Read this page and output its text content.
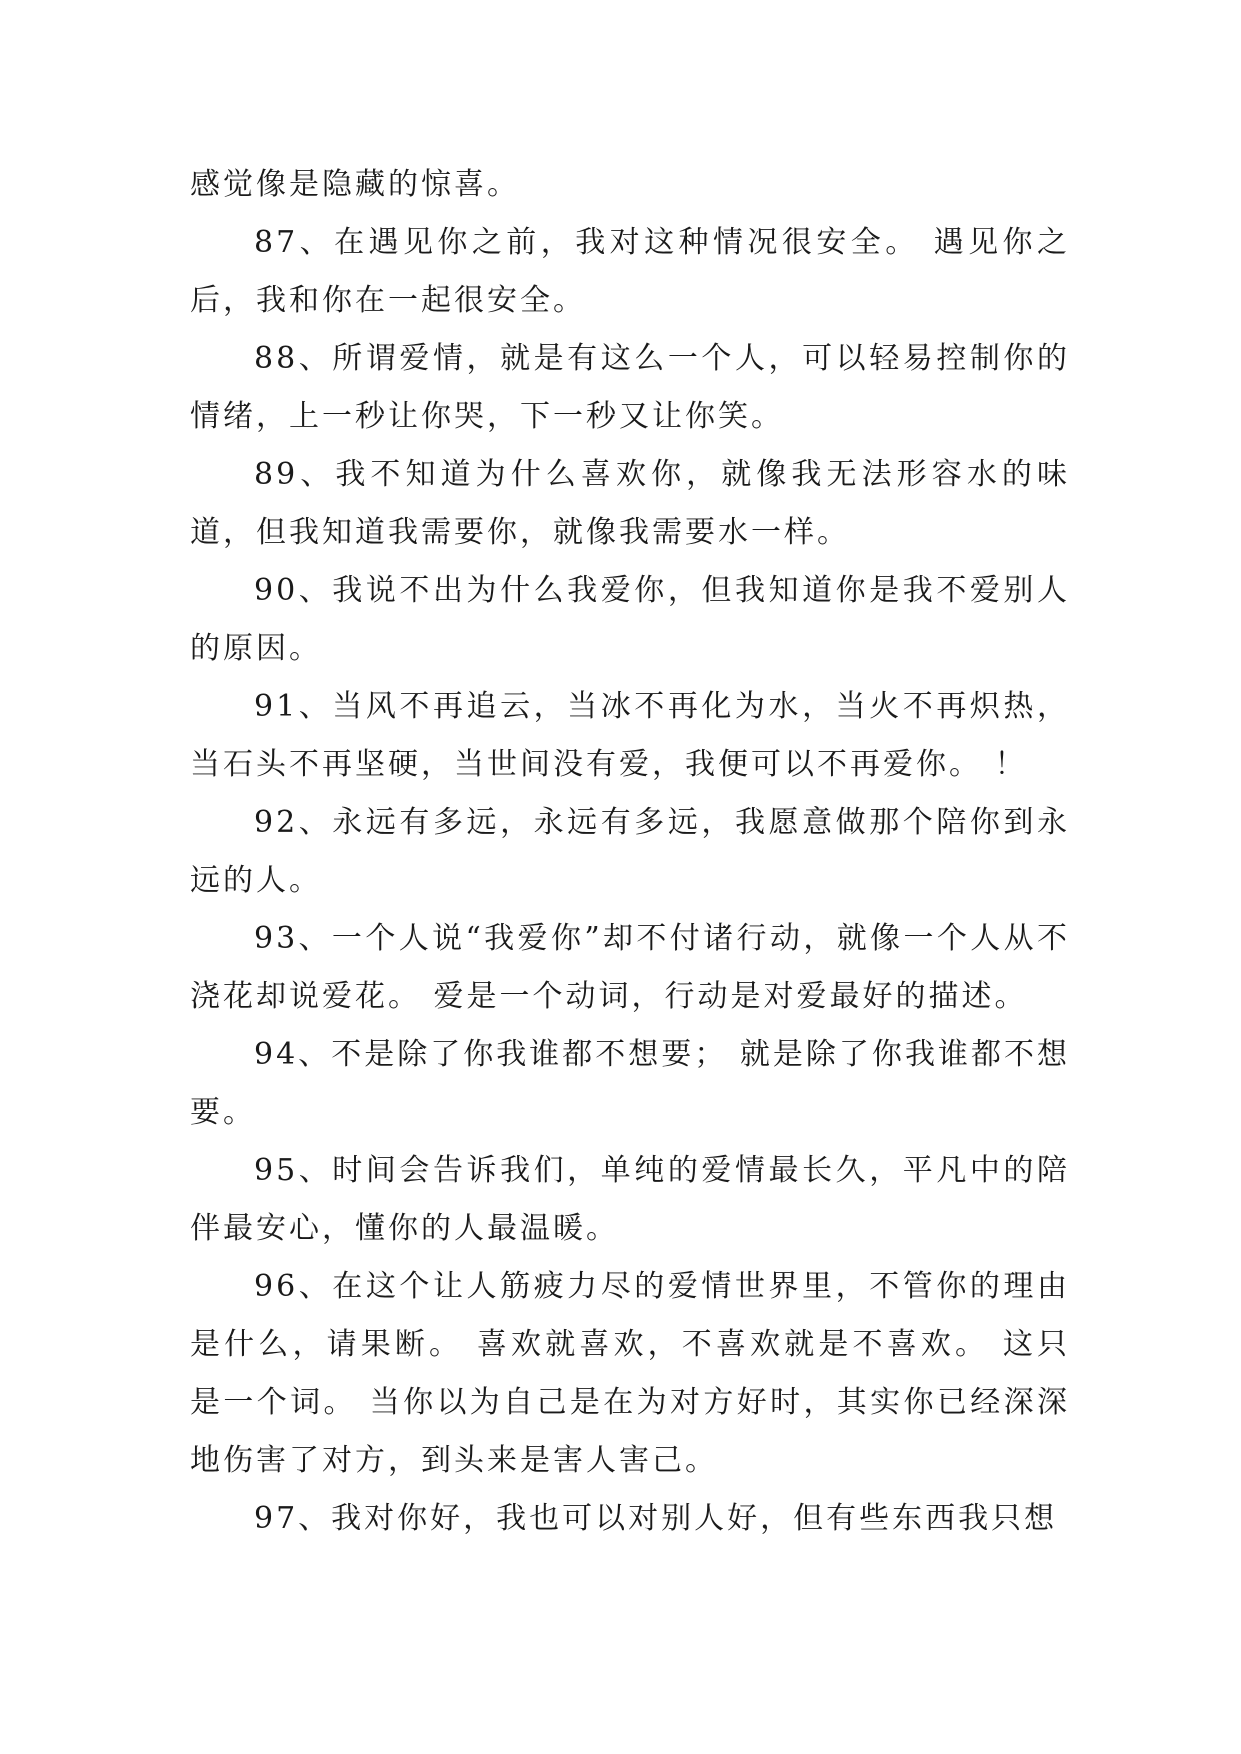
感觉像是隐藏的惊喜。

87、在遇见你之前，我对这种情况很安全。 遇见你之后，我和你在一起很安全。

88、所谓爱情，就是有这么一个人，可以轻易控制你的情绪，上一秒让你哭，下一秒又让你笑。

89、我不知道为什么喜欢你，就像我无法形容水的味道，但我知道我需要你，就像我需要水一样。

90、我说不出为什么我爱你，但我知道你是我不爱别人的原因。

91、当风不再追云，当冰不再化为水，当火不再炽热，当石头不再坚硬，当世间没有爱，我便可以不再爱你。 ！

92、永远有多远，永远有多远，我愿意做那个陪你到永远的人。

93、一个人说“我爱你”却不付诸行动，就像一个人从不浇花却说爱花。 爱是一个动词，行动是对爱最好的描述。

94、不是除了你我谁都不想要； 就是除了你我谁都不想要。

95、时间会告诉我们，单纯的爱情最长久，平凡中的陪伴最安心，懂你的人最温暖。

96、在这个让人筋疲力尽的爱情世界里，不管你的理由是什么，请果断。 喜欢就喜欢，不喜欢就是不喜欢。 这只是一个词。 当你以为自己是在为对方好时，其实你已经深深地伤害了对方，到头来是害人害己。

97、我对你好，我也可以对别人好，但有些东西我只想
